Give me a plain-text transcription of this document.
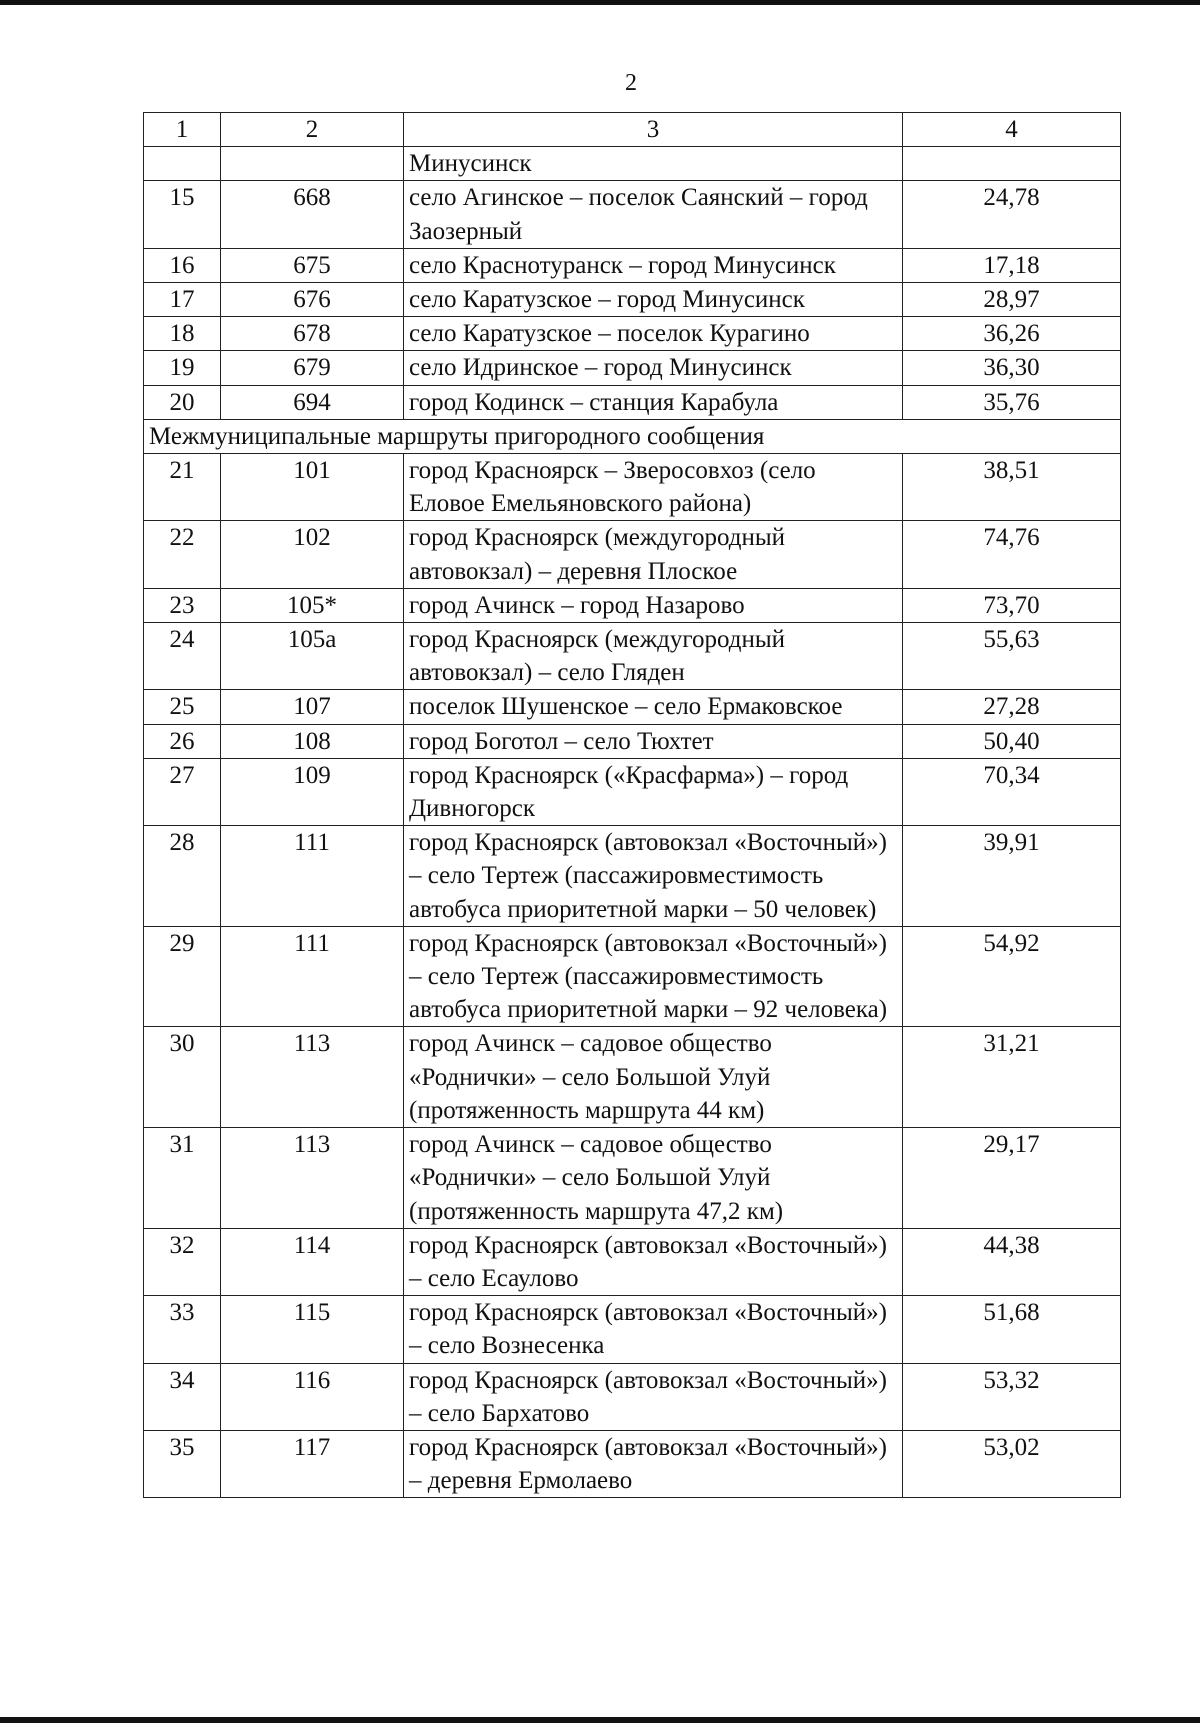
2
1	2	3	4
		Минусинск	
15	668	село Агинское – поселок Саянский – город Заозерный	24,78
16	675	село Краснотуранск – город Минусинск	17,18
17	676	село Каратузское – город Минусинск	28,97
18	678	село Каратузское – поселок Курагино	36,26
19	679	село Идринское – город Минусинск	36,30
20	694	город Кодинск – станция Карабула	35,76
Межмуниципальные маршруты пригородного сообщения			
21	101	город Красноярск – Зверосовхоз (село Еловое Емельяновского района)	38,51
22	102	город Красноярск (междугородный автовокзал) – деревня Плоское	74,76
23	105*	город Ачинск – город Назарово	73,70
24	105а	город Красноярск (междугородный автовокзал) – село Гляден	55,63
25	107	поселок Шушенское – село Ермаковское	27,28
26	108	город Боготол – село Тюхтет	50,40
27	109	город Красноярск («Красфарма») – город Дивногорск	70,34
28	111	город Красноярск (автовокзал «Восточный») – село Тертеж (пассажировместимость автобуса приоритетной марки – 50 человек)	39,91
29	111	город Красноярск (автовокзал «Восточный») – село Тертеж (пассажировместимость автобуса приоритетной марки – 92 человека)	54,92
30	113	город Ачинск – садовое общество «Роднички» – село Большой Улуй (протяженность маршрута 44 км)	31,21
31	113	город Ачинск – садовое общество «Роднички» – село Большой Улуй (протяженность маршрута 47,2 км)	29,17
32	114	город Красноярск (автовокзал «Восточный») – село Есаулово	44,38
33	115	город Красноярск (автовокзал «Восточный») – село Вознесенка	51,68
34	116	город Красноярск (автовокзал «Восточный») – село Бархатово	53,32
35	117	город Красноярск (автовокзал «Восточный») – деревня Ермолаево	53,02
